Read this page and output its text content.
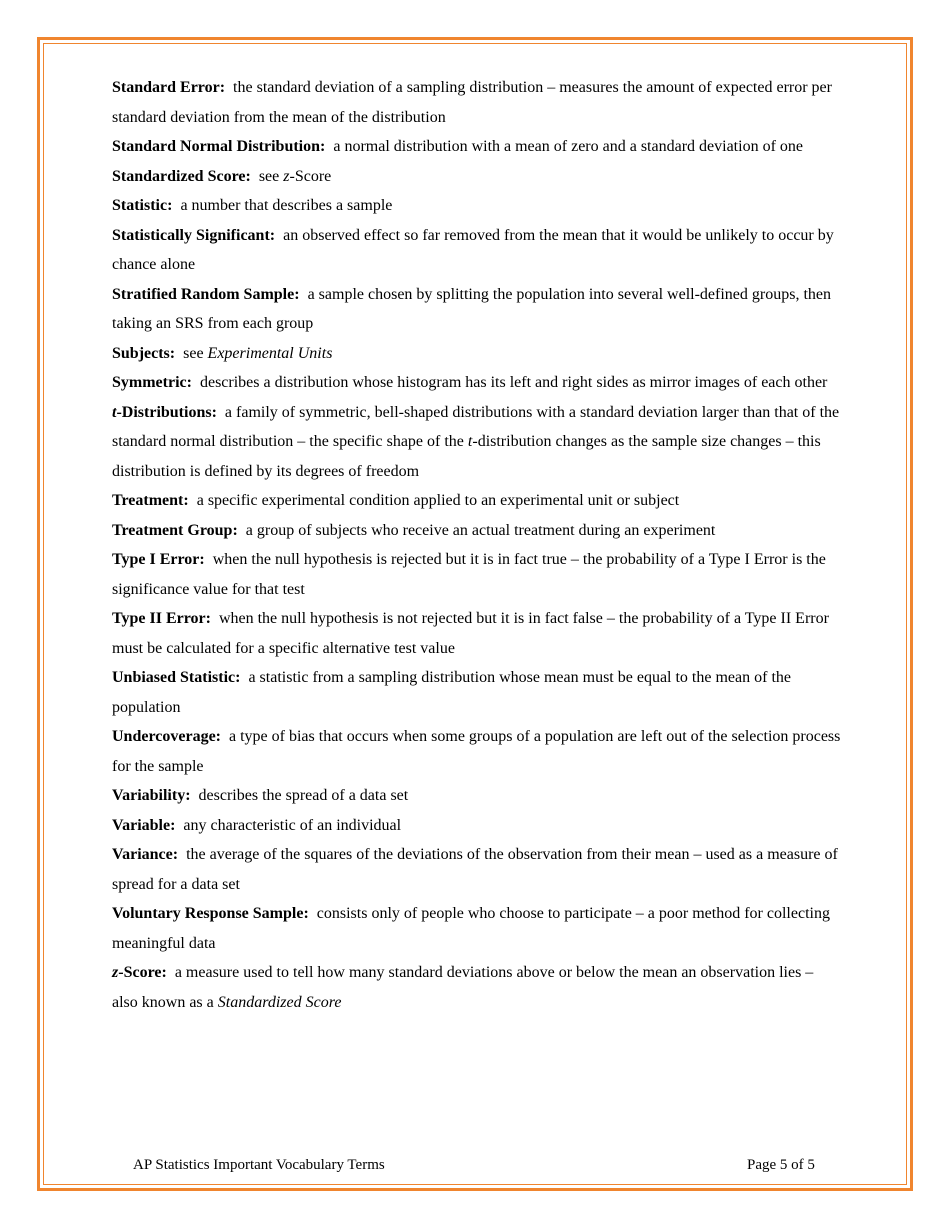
Standard Error: the standard deviation of a sampling distribution – measures the amount of expected error per standard deviation from the mean of the distribution

Standard Normal Distribution: a normal distribution with a mean of zero and a standard deviation of one

Standardized Score: see z-Score

Statistic: a number that describes a sample

Statistically Significant: an observed effect so far removed from the mean that it would be unlikely to occur by chance alone

Stratified Random Sample: a sample chosen by splitting the population into several well-defined groups, then taking an SRS from each group

Subjects: see Experimental Units

Symmetric: describes a distribution whose histogram has its left and right sides as mirror images of each other

t-Distributions: a family of symmetric, bell-shaped distributions with a standard deviation larger than that of the standard normal distribution – the specific shape of the t-distribution changes as the sample size changes – this distribution is defined by its degrees of freedom

Treatment: a specific experimental condition applied to an experimental unit or subject

Treatment Group: a group of subjects who receive an actual treatment during an experiment

Type I Error: when the null hypothesis is rejected but it is in fact true – the probability of a Type I Error is the significance value for that test

Type II Error: when the null hypothesis is not rejected but it is in fact false – the probability of a Type II Error must be calculated for a specific alternative test value

Unbiased Statistic: a statistic from a sampling distribution whose mean must be equal to the mean of the population

Undercoverage: a type of bias that occurs when some groups of a population are left out of the selection process for the sample

Variability: describes the spread of a data set

Variable: any characteristic of an individual

Variance: the average of the squares of the deviations of the observation from their mean – used as a measure of spread for a data set

Voluntary Response Sample: consists only of people who choose to participate – a poor method for collecting meaningful data

z-Score: a measure used to tell how many standard deviations above or below the mean an observation lies – also known as a Standardized Score

AP Statistics Important Vocabulary Terms	Page 5 of 5
